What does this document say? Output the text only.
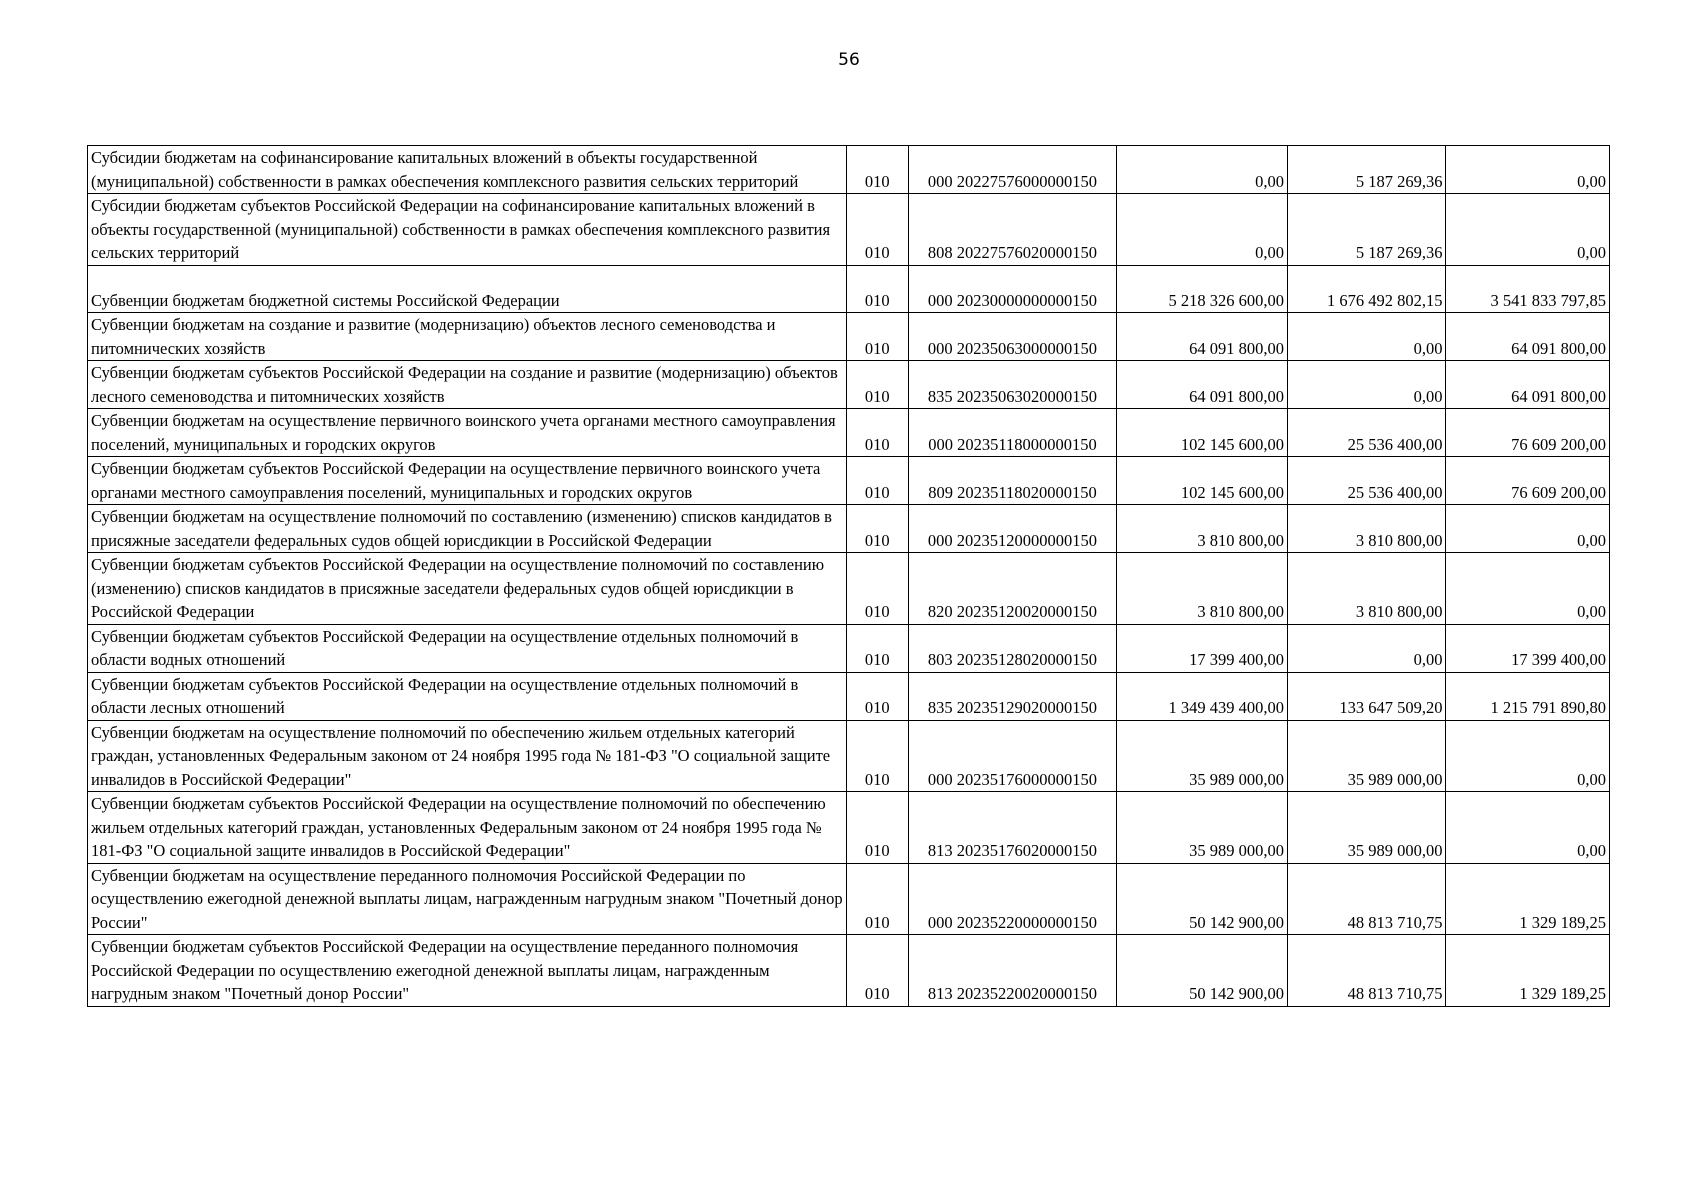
56
Субсидии бюджетам на софинансирование капитальных вложений в объекты государственной (муниципальной) собственности в рамках обеспечения комплексного развития сельских территорий	010	000 20227576000000150	0,00	5 187 269,36	0,00
Субсидии бюджетам субъектов Российской Федерации на софинансирование капитальных вложений в объекты государственной (муниципальной) собственности в рамках обеспечения комплексного развития сельских территорий	010	808 20227576020000150	0,00	5 187 269,36	0,00
Субвенции бюджетам бюджетной системы Российской Федерации	010	000 20230000000000150	5 218 326 600,00	1 676 492 802,15	3 541 833 797,85
Субвенции бюджетам на создание и развитие (модернизацию) объектов лесного семеноводства и питомнических хозяйств	010	000 20235063000000150	64 091 800,00	0,00	64 091 800,00
Субвенции бюджетам субъектов Российской Федерации на создание и развитие (модернизацию) объектов лесного семеноводства и питомнических хозяйств	010	835 20235063020000150	64 091 800,00	0,00	64 091 800,00
Субвенции бюджетам на осуществление первичного воинского учета органами местного самоуправления поселений, муниципальных и городских округов	010	000 20235118000000150	102 145 600,00	25 536 400,00	76 609 200,00
Субвенции бюджетам субъектов Российской Федерации на осуществление первичного воинского учета органами местного самоуправления поселений, муниципальных и городских округов	010	809 20235118020000150	102 145 600,00	25 536 400,00	76 609 200,00
Субвенции бюджетам на осуществление полномочий по составлению (изменению) списков кандидатов в присяжные заседатели федеральных судов общей юрисдикции в Российской Федерации	010	000 20235120000000150	3 810 800,00	3 810 800,00	0,00
Субвенции бюджетам субъектов Российской Федерации на осуществление полномочий по составлению (изменению) списков кандидатов в присяжные заседатели федеральных судов общей юрисдикции в Российской Федерации	010	820 20235120020000150	3 810 800,00	3 810 800,00	0,00
Субвенции бюджетам субъектов Российской Федерации на осуществление отдельных полномочий в области водных отношений	010	803 20235128020000150	17 399 400,00	0,00	17 399 400,00
Субвенции бюджетам субъектов Российской Федерации на осуществление отдельных полномочий в области лесных отношений	010	835 20235129020000150	1 349 439 400,00	133 647 509,20	1 215 791 890,80
Субвенции бюджетам на осуществление полномочий по обеспечению жильем отдельных категорий граждан, установленных Федеральным законом от 24 ноября 1995 года № 181-ФЗ "О социальной защите инвалидов в Российской Федерации"	010	000 20235176000000150	35 989 000,00	35 989 000,00	0,00
Субвенции бюджетам субъектов Российской Федерации на осуществление полномочий по обеспечению жильем отдельных категорий граждан, установленных Федеральным законом от 24 ноября 1995 года № 181-ФЗ "О социальной защите инвалидов в Российской Федерации"	010	813 20235176020000150	35 989 000,00	35 989 000,00	0,00
Субвенции бюджетам на осуществление переданного полномочия Российской Федерации по осуществлению ежегодной денежной выплаты лицам, награжденным нагрудным знаком "Почетный донор России"	010	000 20235220000000150	50 142 900,00	48 813 710,75	1 329 189,25
Субвенции бюджетам субъектов Российской Федерации на осуществление переданного полномочия Российской Федерации по осуществлению ежегодной денежной выплаты лицам, награжденным нагрудным знаком "Почетный донор России"	010	813 20235220020000150	50 142 900,00	48 813 710,75	1 329 189,25
